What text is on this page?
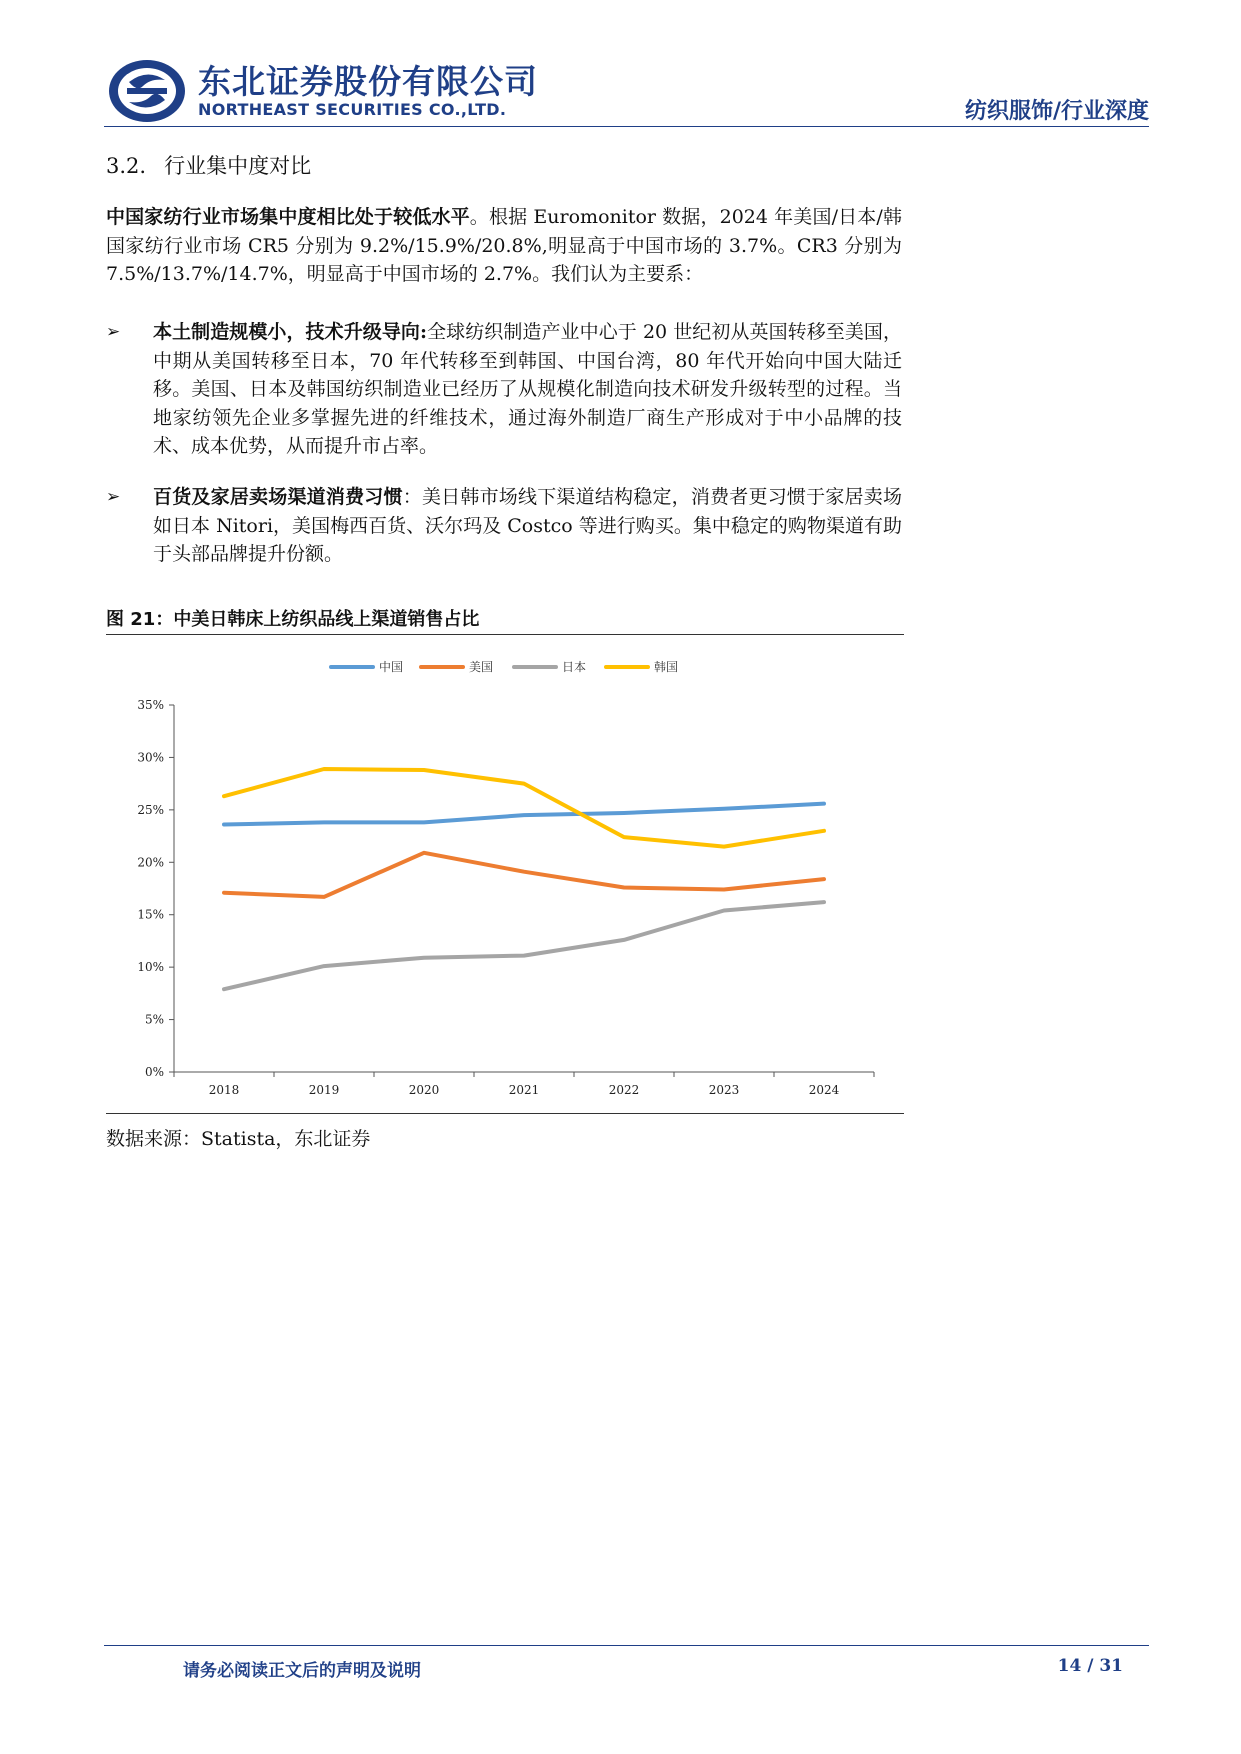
东北证券股份有限公司
NORTHEAST SECURITIES CO.,LTD.	纺织服饰/行业深度
3.2. 行业集中度对比
中国家纺行业市场集中度相比处于较低水平。根据 Euromonitor 数据，2024 年美国/日本/韩国家纺行业市场 CR5 分别为 9.2%/15.9%/20.8%,明显高于中国市场的 3.7%。CR3 分别为 7.5%/13.7%/14.7%，明显高于中国市场的 2.7%。我们认为主要系：
➢ 本土制造规模小，技术升级导向:全球纺织制造产业中心于 20 世纪初从英国转移至美国，中期从美国转移至日本，70 年代转移至到韩国、中国台湾，80 年代开始向中国大陆迁移。美国、日本及韩国纺织制造业已经历了从规模化制造向技术研发升级转型的过程。当地家纺领先企业多掌握先进的纤维技术，通过海外制造厂商生产形成对于中小品牌的技术、成本优势，从而提升市占率。
➢ 百货及家居卖场渠道消费习惯：美日韩市场线下渠道结构稳定，消费者更习惯于家居卖场如日本 Nitori，美国梅西百货、沃尔玛及 Costco 等进行购买。集中稳定的购物渠道有助于头部品牌提升份额。
图 21：中美日韩床上纺织品线上渠道销售占比
中国	美国	日本	韩国
0%
5%
10%
15%
20%
25%
30%
35%
2018	2019	2020	2021	2022	2023	2024
数据来源：Statista，东北证券
请务必阅读正文后的声明及说明	14 / 31
